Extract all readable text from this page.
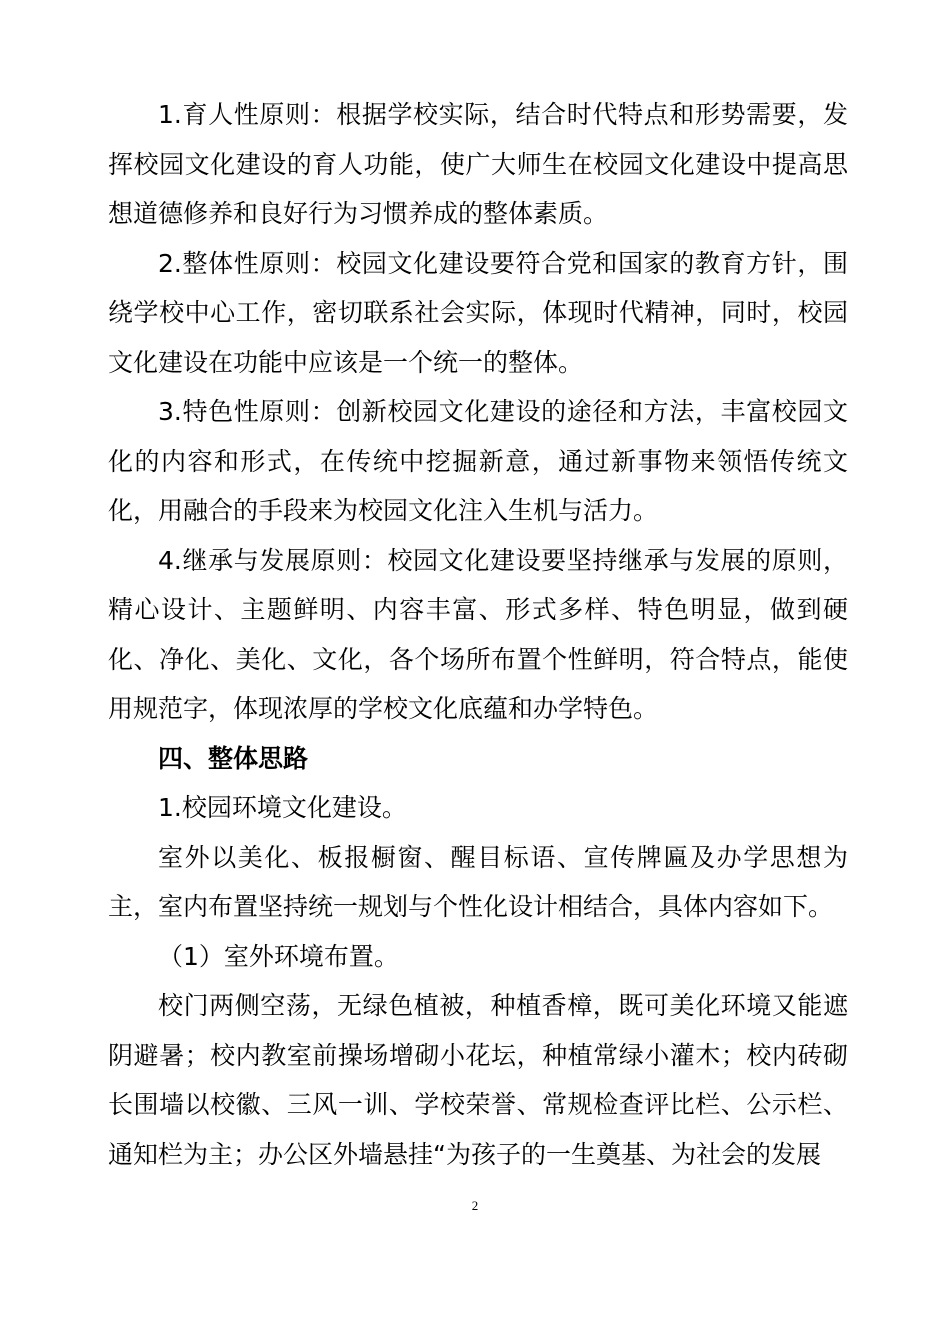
1.育人性原则：根据学校实际，结合时代特点和形势需要，发挥校园文化建设的育人功能，使广大师生在校园文化建设中提高思想道德修养和良好行为习惯养成的整体素质。

2.整体性原则：校园文化建设要符合党和国家的教育方针，围绕学校中心工作，密切联系社会实际，体现时代精神，同时，校园文化建设在功能中应该是一个统一的整体。

3.特色性原则：创新校园文化建设的途径和方法，丰富校园文化的内容和形式，在传统中挖掘新意，通过新事物来领悟传统文化，用融合的手段来为校园文化注入生机与活力。

4.继承与发展原则：校园文化建设要坚持继承与发展的原则，精心设计、主题鲜明、内容丰富、形式多样、特色明显，做到硬化、净化、美化、文化，各个场所布置个性鲜明，符合特点，能使用规范字，体现浓厚的学校文化底蕴和办学特色。

四、整体思路

1.校园环境文化建设。

室外以美化、板报橱窗、醒目标语、宣传牌匾及办学思想为主，室内布置坚持统一规划与个性化设计相结合，具体内容如下。

（1）室外环境布置。

校门两侧空荡，无绿色植被，种植香樟，既可美化环境又能遮阴避暑；校内教室前操场增砌小花坛，种植常绿小灌木；校内砖砌长围墙以校徽、三风一训、学校荣誉、常规检查评比栏、公示栏、通知栏为主；办公区外墙悬挂“为孩子的一生奠基、为社会的发展

2
